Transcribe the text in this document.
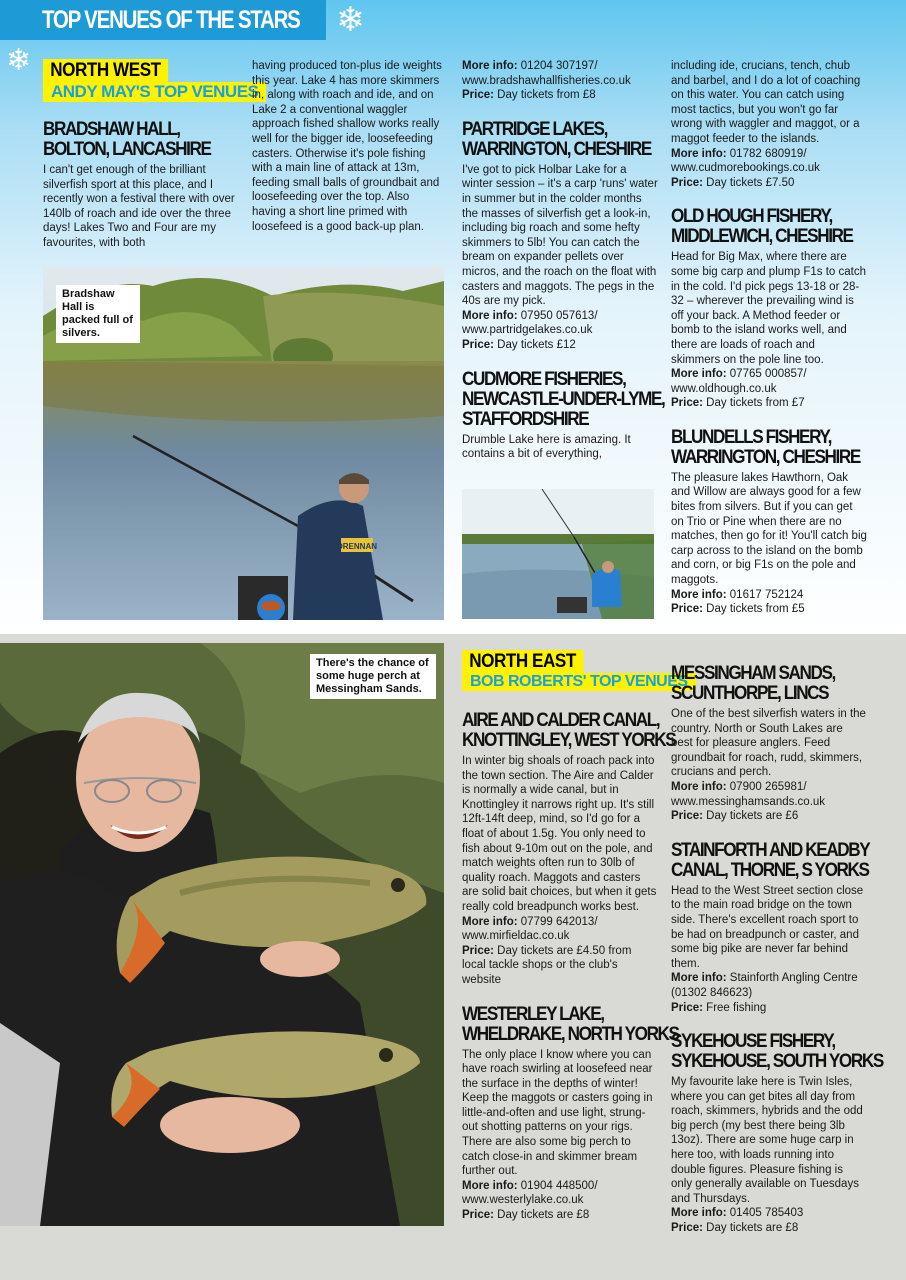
TOP VENUES OF THE STARS ❄
❄	NORTH WEST
ANDY MAY'S TOP VENUES
BRADSHAW HALL,
BOLTON, LANCASHIRE

I can't get enough of the brilliant silverfish sport at this place, and I recently won a festival there with over 140lb of roach and ide over the three days! Lakes Two and Four are my favourites, with both

having produced ton-plus ide weights this year. Lake 4 has more skimmers in, along with roach and ide, and on Lake 2 a conventional waggler approach fished shallow works really well for the bigger ide, loosefeeding casters. Otherwise it's pole fishing with a main line of attack at 13m, feeding small balls of groundbait and loosefeeding over the top. Also having a short line primed with loosefeed is a good back-up plan.

More info: 01204 307197/ www.bradshawhallfisheries.co.uk

Price: Day tickets from £8

PARTRIDGE LAKES,
WARRINGTON, CHESHIRE

I've got to pick Holbar Lake for a winter session – it's a carp 'runs' water in summer but in the colder months the masses of silverfish get a look-in, including big roach and some hefty skimmers to 5lb! You can catch the bream on expander pellets over micros, and the roach on the float with casters and maggots. The pegs in the 40s are my pick.

More info: 07950 057613/ www.partridgelakes.co.uk

Price: Day tickets £12

CUDMORE FISHERIES,
NEWCASTLE-UNDER-LYME,
STAFFORDSHIRE

Drumble Lake here is amazing. It contains a bit of everything,

including ide, crucians, tench, chub and barbel, and I do a lot of coaching on this water. You can catch using most tactics, but you won't go far wrong with waggler and maggot, or a maggot feeder to the islands.

More info: 01782 680919/ www.cudmorebookings.co.uk

Price: Day tickets £7.50

OLD HOUGH FISHERY,
MIDDLEWICH, CHESHIRE

Head for Big Max, where there are some big carp and plump F1s to catch in the cold. I'd pick pegs 13-18 or 28-32 – wherever the prevailing wind is off your back. A Method feeder or bomb to the island works well, and there are loads of roach and skimmers on the pole line too.

More info: 07765 000857/ www.oldhough.co.uk

Price: Day tickets from £7

BLUNDELLS FISHERY,
WARRINGTON, CHESHIRE

The pleasure lakes Hawthorn, Oak and Willow are always good for a few bites from silvers. But if you can get on Trio or Pine when there are no matches, then go for it! You'll catch big carp across to the island on the bomb and corn, or big F1s on the pole and maggots.

More info: 01617 752124

Price: Day tickets from £5

DRENNAN
Bradshaw Hall is packed full of silvers.
There's the chance of some huge perch at Messingham Sands.
NORTH EAST
BOB ROBERTS' TOP VENUES
AIRE AND CALDER CANAL,
KNOTTINGLEY, WEST YORKS

In winter big shoals of roach pack into the town section. The Aire and Calder is normally a wide canal, but in Knottingley it narrows right up. It's still 12ft-14ft deep, mind, so I'd go for a float of about 1.5g. You only need to fish about 9-10m out on the pole, and match weights often run to 30lb of quality roach. Maggots and casters are solid bait choices, but when it gets really cold breadpunch works best.

More info: 07799 642013/ www.mirfieldac.co.uk

Price: Day tickets are £4.50 from local tackle shops or the club's website

WESTERLEY LAKE,
WHELDRAKE, NORTH YORKS

The only place I know where you can have roach swirling at loosefeed near the surface in the depths of winter! Keep the maggots or casters going in little-and-often and use light, strung-out shotting patterns on your rigs. There are also some big perch to catch close-in and skimmer bream further out.

More info: 01904 448500/ www.westerlylake.co.uk

Price: Day tickets are £8

MESSINGHAM SANDS,
SCUNTHORPE, LINCS

One of the best silverfish waters in the country. North or South Lakes are best for pleasure anglers. Feed groundbait for roach, rudd, skimmers, crucians and perch.

More info: 07900 265981/ www.messinghamsands.co.uk

Price: Day tickets are £6

STAINFORTH AND KEADBY
CANAL, THORNE, S YORKS

Head to the West Street section close to the main road bridge on the town side. There's excellent roach sport to be had on breadpunch or caster, and some big pike are never far behind them.

More info: Stainforth Angling Centre (01302 846623)

Price: Free fishing

SYKEHOUSE FISHERY,
SYKEHOUSE, SOUTH YORKS

My favourite lake here is Twin Isles, where you can get bites all day from roach, skimmers, hybrids and the odd big perch (my best there being 3lb 13oz). There are some huge carp in here too, with loads running into double figures. Pleasure fishing is only generally available on Tuesdays and Thursdays.

More info: 01405 785403

Price: Day tickets are £8
